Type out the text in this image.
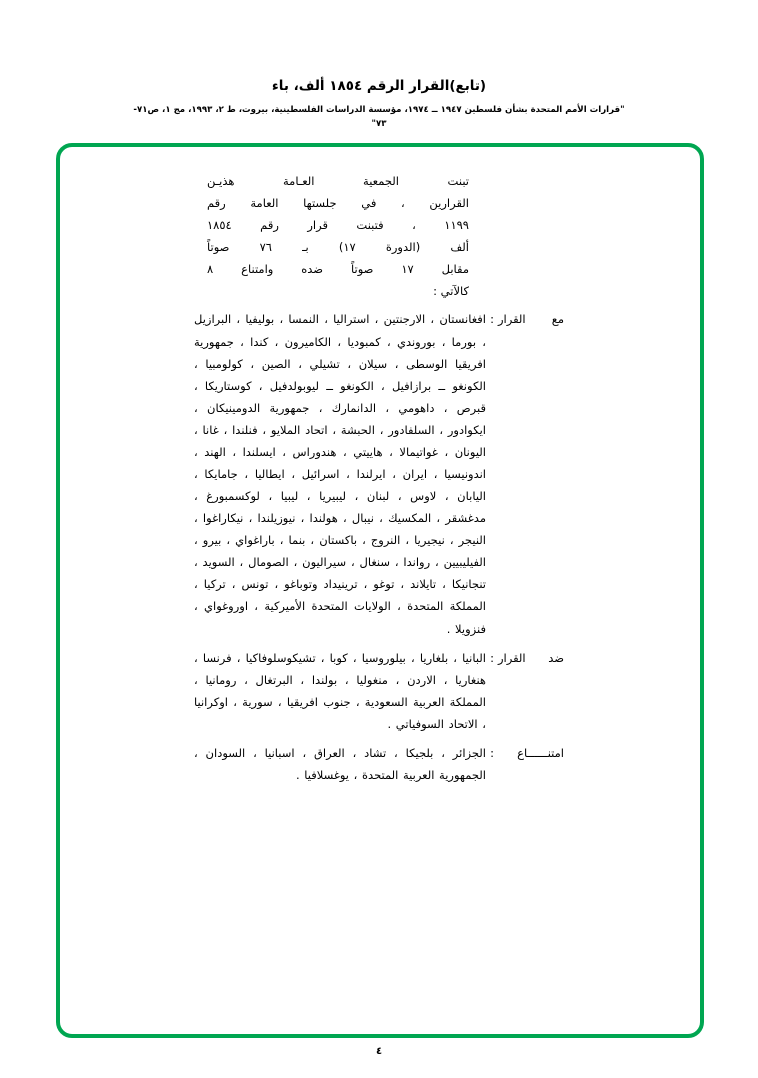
(تابع)القرار الرقم ١٨٥٤ ألف، باء
"قرارات الأمم المتحدة بشأن فلسطين ١٩٤٧ ــ ١٩٧٤، مؤسسة الدراسات الفلسطينية، بيروت، ط ٢، ١٩٩٣، مج ١، ص٧١-
٧٣"
تبنت الجمعية العـامة هذيـن
القرارين ، في جلستها العامة رقم
١١٩٩ ، فتبنت قرار رقم ١٨٥٤
ألف (الدورة ١٧) بـ ٧٦ صوتاً
مقابل ١٧ صوتاً ضده وامتناع ٨
كالآتي :
مع القرار
:
افغانستان ، الارجنتين ، استراليا ، النمسا ، بوليفيا ، البرازيل ، بورما ، بوروندي ، كمبوديا ، الكاميرون ، كندا ، جمهورية افريقيا الوسطى ، سيلان ، تشيلي ، الصين ، كولومبيا ، الكونغو ــ برازافيل ، الكونغو ــ ليوبولدفيل ، كوستاريكا ، قبرص ، داهومي ، الدانمارك ، جمهورية الدومينيكان ، ايكوادور ، السلفادور ، الحبشة ، اتحاد الملايو ، فنلندا ، غانا ، اليونان ، غواتيمالا ، هاييتي ، هندوراس ، ايسلندا ، الهند ، اندونيسيا ، ايران ، ايرلندا ، اسرائيل ، ايطاليا ، جامايكا ، اليابان ، لاوس ، لبنان ، ليبيريا ، ليبيا ، لوكسمبورغ ، مدغشقر ، المكسيك ، نيبال ، هولندا ، نيوزيلندا ، نيكاراغوا ، النيجر ، نيجيريا ، النروج ، باكستان ، بنما ، باراغواي ، بيرو ، الفيليبيين ، رواندا ، سنغال ، سيراليون ، الصومال ، السويد ، تنجانيكا ، تايلاند ، توغو ، ترينيداد وتوباغو ، تونس ، تركيا ، المملكة المتحدة ، الولايات المتحدة الأميركية ، اوروغواي ، فنزويلا .
ضد القرار
:
البانيا ، بلغاريا ، بيلوروسيا ، كوبا ، تشيكوسلوفاكيا ، فرنسا ، هنغاريا ، الاردن ، منغوليا ، بولندا ، البرتغال ، رومانيا ، المملكة العربية السعودية ، جنوب افريقيا ، سورية ، اوكرانيا ، الاتحاد السوفياتي .
امتنــــــاع
:
الجزائر ، بلجيكا ، تشاد ، العراق ، اسبانيا ، السودان ، الجمهورية العربية المتحدة ، يوغسلافيا .
٤
